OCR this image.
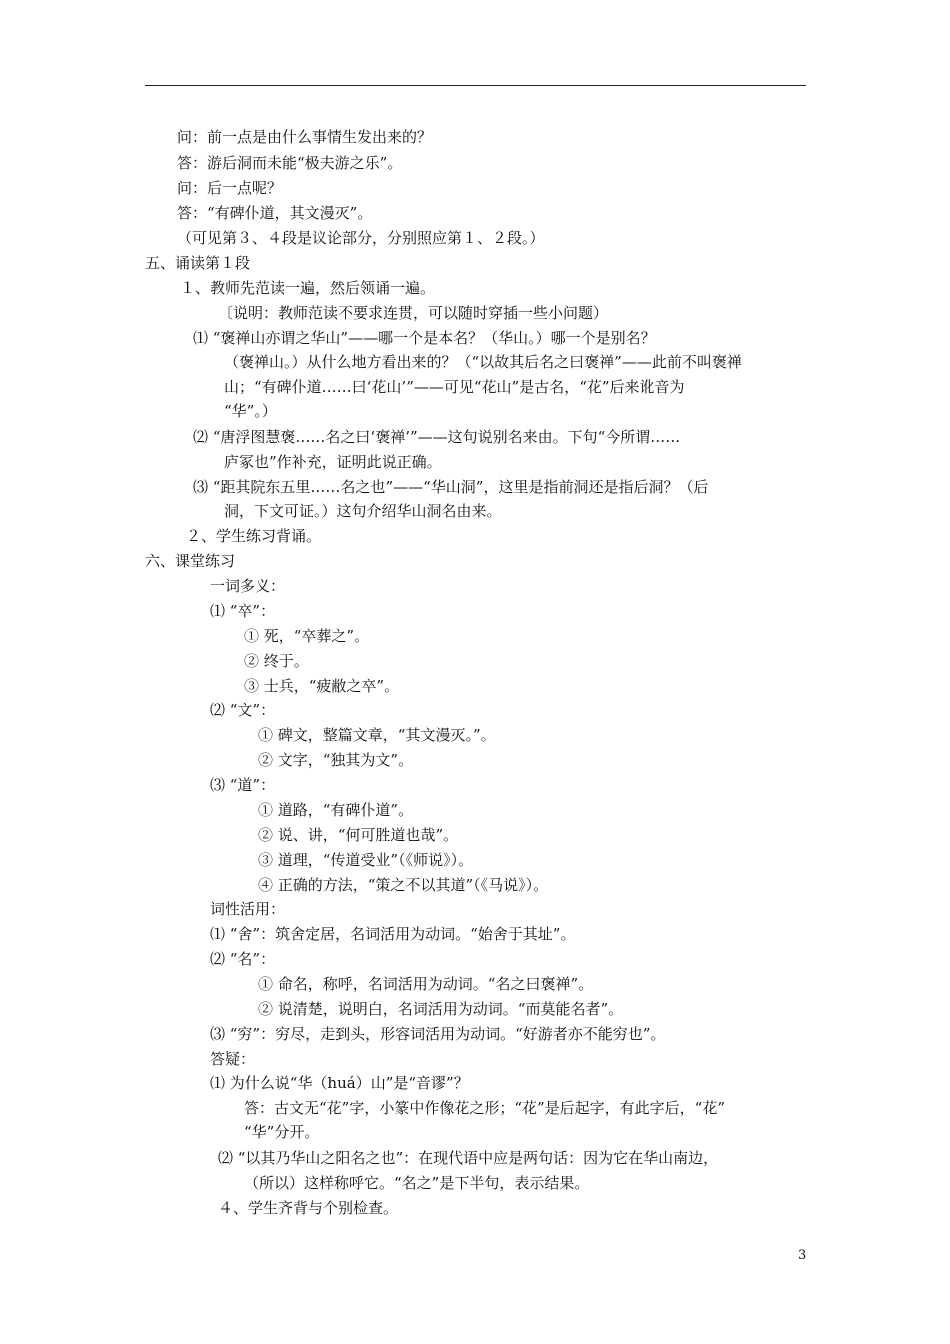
问：前一点是由什么事情生发出来的？
答：游后洞而未能“极夫游之乐”。
问：后一点呢？
答：“有碑仆道，其文漫灭”。
（可见第３、４段是议论部分，分别照应第１、２段。）
五、诵读第１段
１、教师先范读一遍，然后领诵一遍。
〔说明：教师范读不要求连贯，可以随时穿插一些小问题）
⑴ “褒禅山亦谓之华山”——哪一个是本名？（华山。）哪一个是别名？
（褒禅山。）从什么地方看出来的？（“以故其后名之曰褒禅”——此前不叫褒禅
山；“有碑仆道……曰‘花山’”——可见“花山”是古名，“花”后来讹音为
“华”。）
⑵ “唐浮图慧褒……名之曰‘褒禅’”——这句说别名来由。下句“今所谓……
庐冢也”作补充，证明此说正确。
⑶ “距其院东五里……名之也”——“华山洞”，这里是指前洞还是指后洞？（后
洞，下文可证。）这句介绍华山洞名由来。
２、学生练习背诵。
六、课堂练习
一词多义：
⑴ “卒”：
① 死，“卒葬之”。
② 终于。
③ 士兵，“疲敝之卒”。
⑵ “文”：
① 碑文，整篇文章，“其文漫灭。”。
② 文字，“独其为文”。
⑶ “道”：
① 道路，“有碑仆道”。
② 说、讲，“何可胜道也哉”。
③ 道理，“传道受业”（《师说》）。
④ 正确的方法，“策之不以其道”（《马说》）。
词性活用：
⑴ “舍”：筑舍定居，名词活用为动词。“始舍于其址”。
⑵ “名”：
① 命名，称呼，名词活用为动词。“名之曰褒禅”。
② 说清楚，说明白，名词活用为动词。“而莫能名者”。
⑶ “穷”：穷尽，走到头，形容词活用为动词。“好游者亦不能穷也”。
答疑：
⑴ 为什么说“华（huá）山”是“音谬”？
答：古文无“花”字，小篆中作像花之形；“花”是后起字，有此字后，“花”
“华”分开。
⑵ “以其乃华山之阳名之也”：在现代语中应是两句话：因为它在华山南边，
（所以）这样称呼它。“名之”是下半句，表示结果。
４、学生齐背与个别检查。
3
